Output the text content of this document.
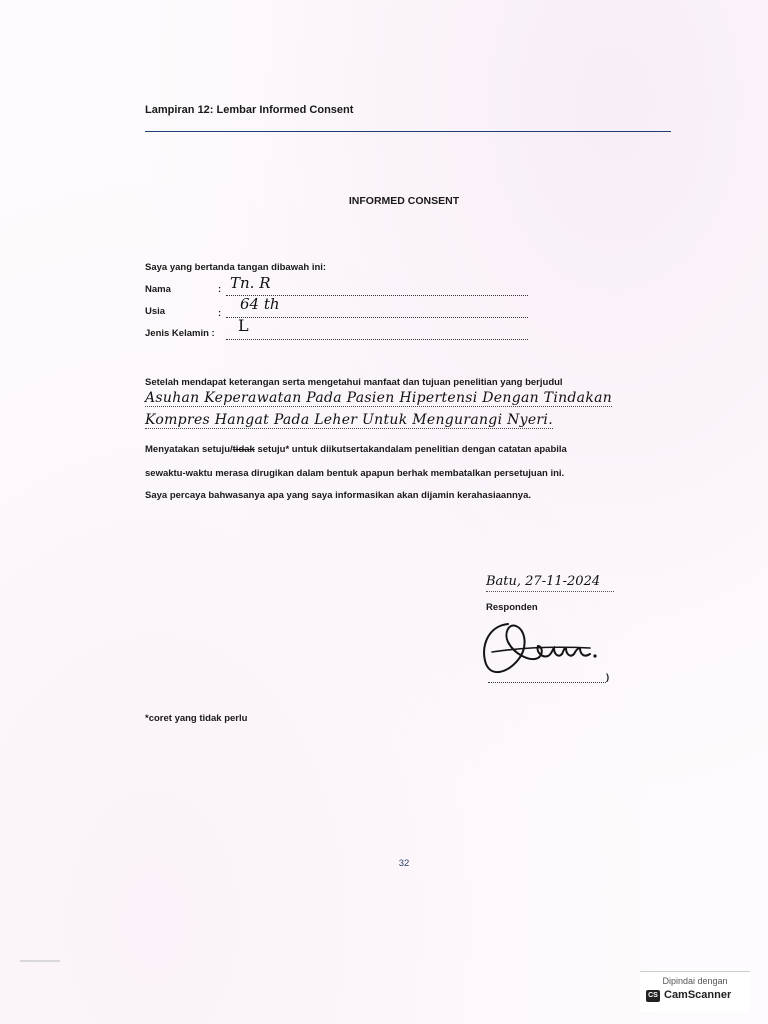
Lampiran 12: Lembar Informed Consent
INFORMED CONSENT
Saya yang bertanda tangan dibawah ini:
Nama	: Tn. R
Usia	:
64 th
Jenis Kelamin : L
Setelah mendapat keterangan serta mengetahui manfaat dan tujuan penelitian yang berjudul
Asuhan Keperawatan Pada Pasien Hipertensi Dengan Tindakan
Kompres Hangat Pada Leher Untuk Mengurangi Nyeri.
Menyatakan setuju/tidak setuju* untuk diikutsertakandalam penelitian dengan catatan apabila
sewaktu-waktu merasa dirugikan dalam bentuk apapun berhak membatalkan persetujuan ini.
Saya percaya bahwasanya apa yang saya informasikan akan dijamin kerahasiaannya.
Batu, 27-11-2024
Responden
)
*coret yang tidak perlu
32
Dipindai dengan
CS CamScanner
